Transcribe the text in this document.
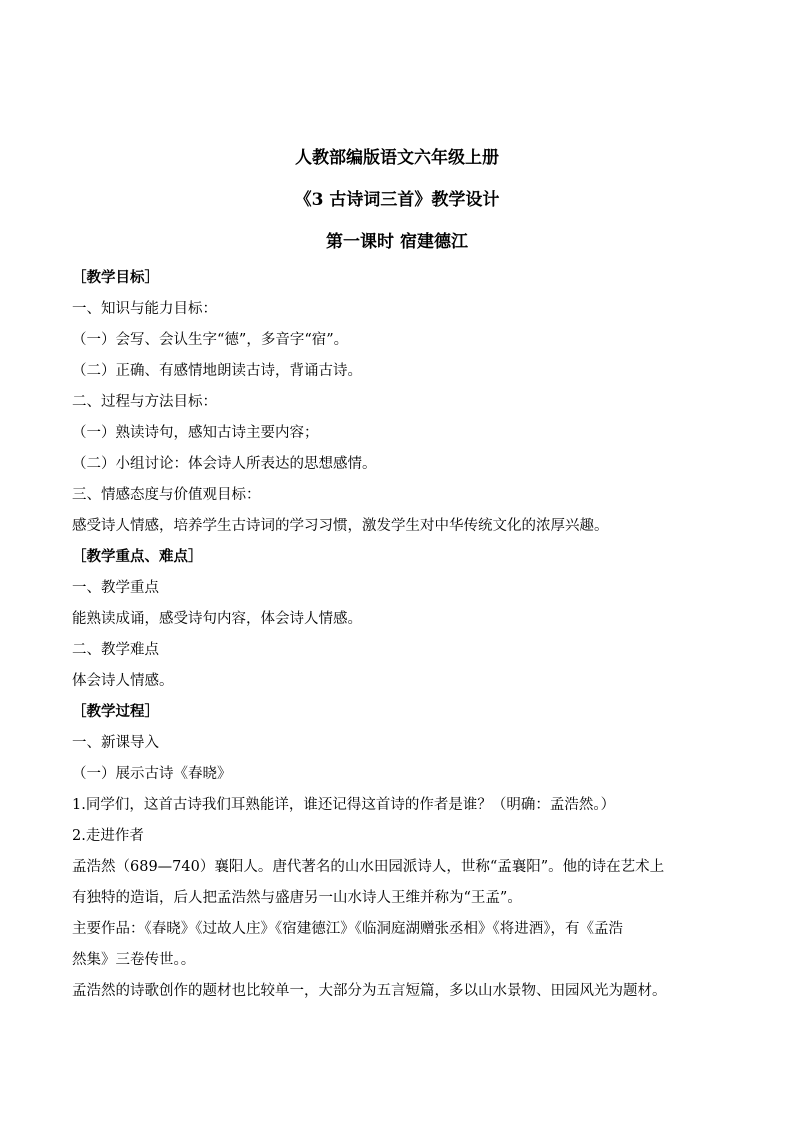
人教部编版语文六年级上册
《3 古诗词三首》教学设计
第一课时 宿建德江
［教学目标］
一、知识与能力目标：
（一）会写、会认生字“德”，多音字“宿”。
（二）正确、有感情地朗读古诗，背诵古诗。
二、过程与方法目标：
（一）熟读诗句，感知古诗主要内容；
（二）小组讨论：体会诗人所表达的思想感情。
三、情感态度与价值观目标：
感受诗人情感，培养学生古诗词的学习习惯，激发学生对中华传统文化的浓厚兴趣。
［教学重点、难点］
一、教学重点
能熟读成诵，感受诗句内容，体会诗人情感。
二、教学难点
体会诗人情感。
［教学过程］
一、新课导入
（一）展示古诗《春晓》
1.同学们，这首古诗我们耳熟能详，谁还记得这首诗的作者是谁？（明确：孟浩然。）
2.走进作者
孟浩然（689—740）襄阳人。唐代著名的山水田园派诗人，世称“孟襄阳”。他的诗在艺术上
有独特的造诣，后人把孟浩然与盛唐另一山水诗人王维并称为“王孟”。
主要作品：《春晓》《过故人庄》《宿建德江》《临洞庭湖赠张丞相》《将进酒》，有《孟浩
然集》三卷传世。。
孟浩然的诗歌创作的题材也比较单一，大部分为五言短篇，多以山水景物、田园风光为题材。
